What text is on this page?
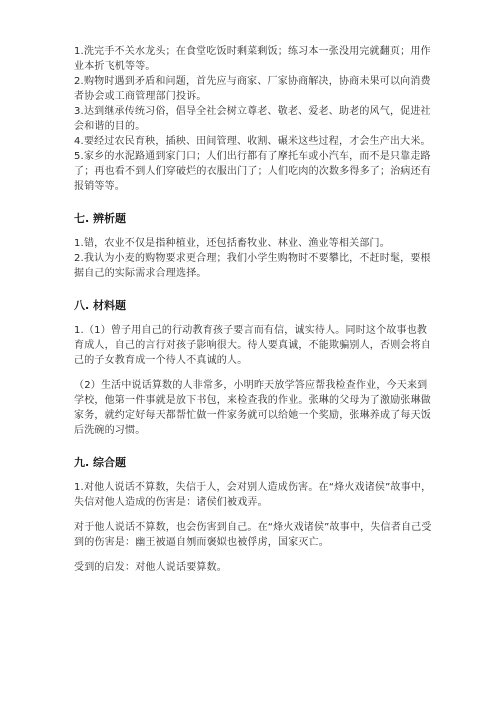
1.洗完手不关水龙头；在食堂吃饭时剩菜剩饭；练习本一张没用完就翻页；用作业本折飞机等等。

2.购物时遇到矛盾和问题，首先应与商家、厂家协商解决，协商未果可以向消费者协会或工商管理部门投诉。

3.达到继承传统习俗，倡导全社会树立尊老、敬老、爱老、助老的风气，促进社会和谐的目的。

4.要经过农民育秧，插秧、田间管理、收割、碾米这些过程，才会生产出大米。

5.家乡的水泥路通到家门口；人们出行都有了摩托车或小汽车，而不是只靠走路了；再也看不到人们穿破烂的衣服出门了；人们吃肉的次数多得多了；治病还有报销等等。

七. 辨析题

1.错，农业不仅是指种植业，还包括畜牧业、林业、渔业等相关部门。

2.我认为小麦的购物要求更合理；我们小学生购物时不要攀比，不赶时髦，要根据自己的实际需求合理选择。

八. 材料题

1.（1）曾子用自己的行动教育孩子要言而有信，诚实待人。同时这个故事也教育成人，自己的言行对孩子影响很大。待人要真诚，不能欺骗别人，否则会将自己的子女教育成一个待人不真诚的人。

（2）生活中说话算数的人非常多，小明昨天放学答应帮我检查作业，今天来到学校，他第一件事就是放下书包，来检查我的作业。张琳的父母为了激励张琳做家务，就约定好每天都帮忙做一件家务就可以给她一个奖励，张琳养成了每天饭后洗碗的习惯。

九. 综合题

1.对他人说话不算数，失信于人，会对别人造成伤害。在“烽火戏诸侯”故事中，失信对他人造成的伤害是：诸侯们被戏弄。

对于他人说话不算数，也会伤害到自己。在“烽火戏诸侯”故事中，失信者自己受到的伤害是：幽王被逼自刎而褒姒也被俘虏，国家灭亡。

受到的启发：对他人说话要算数。
